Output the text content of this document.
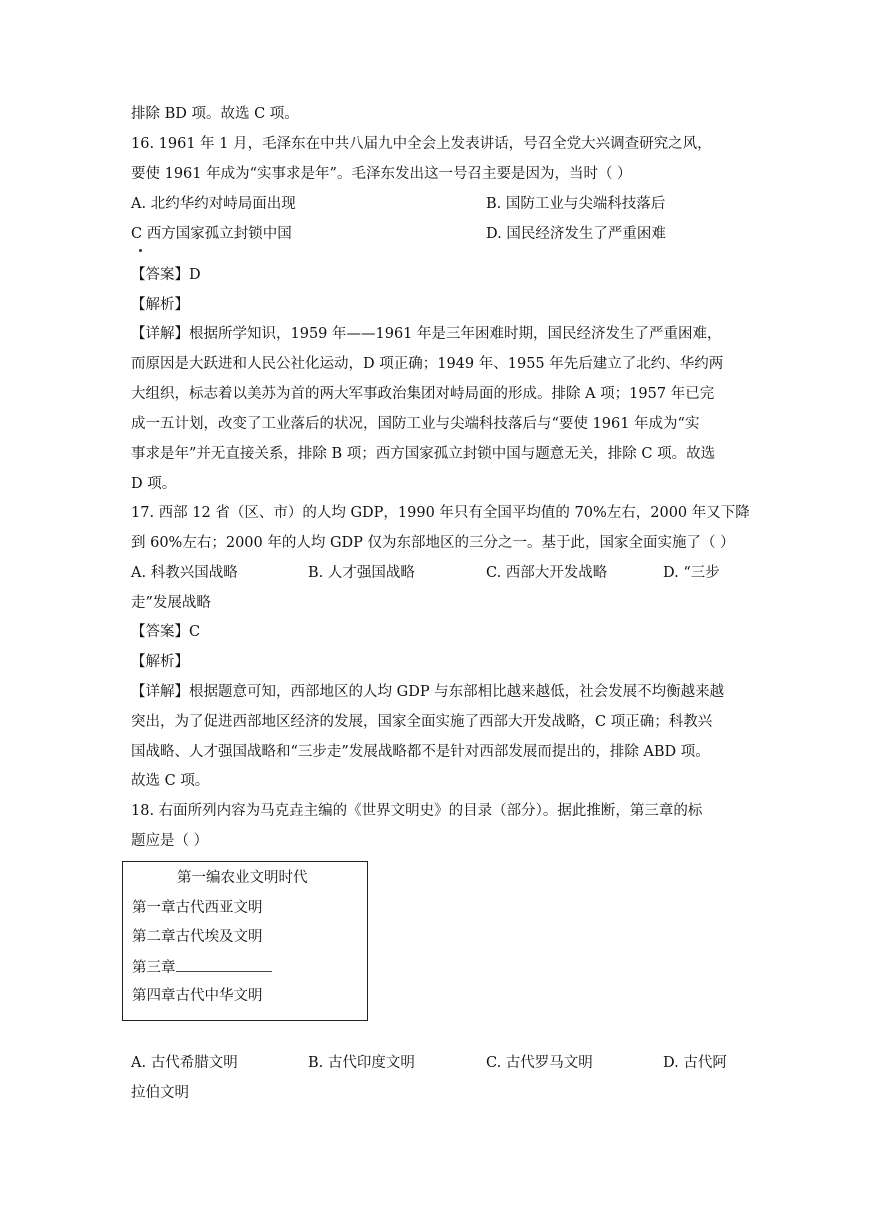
排除 BD 项。故选 C 项。
16. 1961 年 1 月，毛泽东在中共八届九中全会上发表讲话，号召全党大兴调查研究之风，
要使 1961 年成为“实事求是年”。毛泽东发出这一号召主要是因为，当时（ ）
A. 北约华约对峙局面出现	B. 国防工业与尖端科技落后
C 西方国家孤立封锁中国	D. 国民经济发生了严重困难
【答案】D
【解析】
【详解】根据所学知识，1959 年——1961 年是三年困难时期，国民经济发生了严重困难，
而原因是大跃进和人民公社化运动，D 项正确；1949 年、1955 年先后建立了北约、华约两
大组织，标志着以美苏为首的两大军事政治集团对峙局面的形成。排除 A 项；1957 年已完
成一五计划，改变了工业落后的状况，国防工业与尖端科技落后与“要使 1961 年成为“实
事求是年”并无直接关系，排除 B 项；西方国家孤立封锁中国与题意无关，排除 C 项。故选
D 项。
17. 西部 12 省（区、市）的人均 GDP，1990 年只有全国平均值的 70%左右，2000 年又下降
到 60%左右；2000 年的人均 GDP 仅为东部地区的三分之一。基于此，国家全面实施了（ ）
A. 科教兴国战略	B. 人才强国战略	C. 西部大开发战略	D. “三步
走”发展战略
【答案】C
【解析】
【详解】根据题意可知，西部地区的人均 GDP 与东部相比越来越低，社会发展不均衡越来越
突出，为了促进西部地区经济的发展，国家全面实施了西部大开发战略，C 项正确；科教兴
国战略、人才强国战略和“三步走”发展战略都不是针对西部发展而提出的，排除 ABD 项。
故选 C 项。
18. 右面所列内容为马克垚主编的《世界文明史》的目录（部分）。据此推断，第三章的标
题应是（ ）
第一编农业文明时代
第一章古代西亚文明
第二章古代埃及文明
第三章
第四章古代中华文明
A. 古代希腊文明	B. 古代印度文明	C. 古代罗马文明	D. 古代阿
拉伯文明
